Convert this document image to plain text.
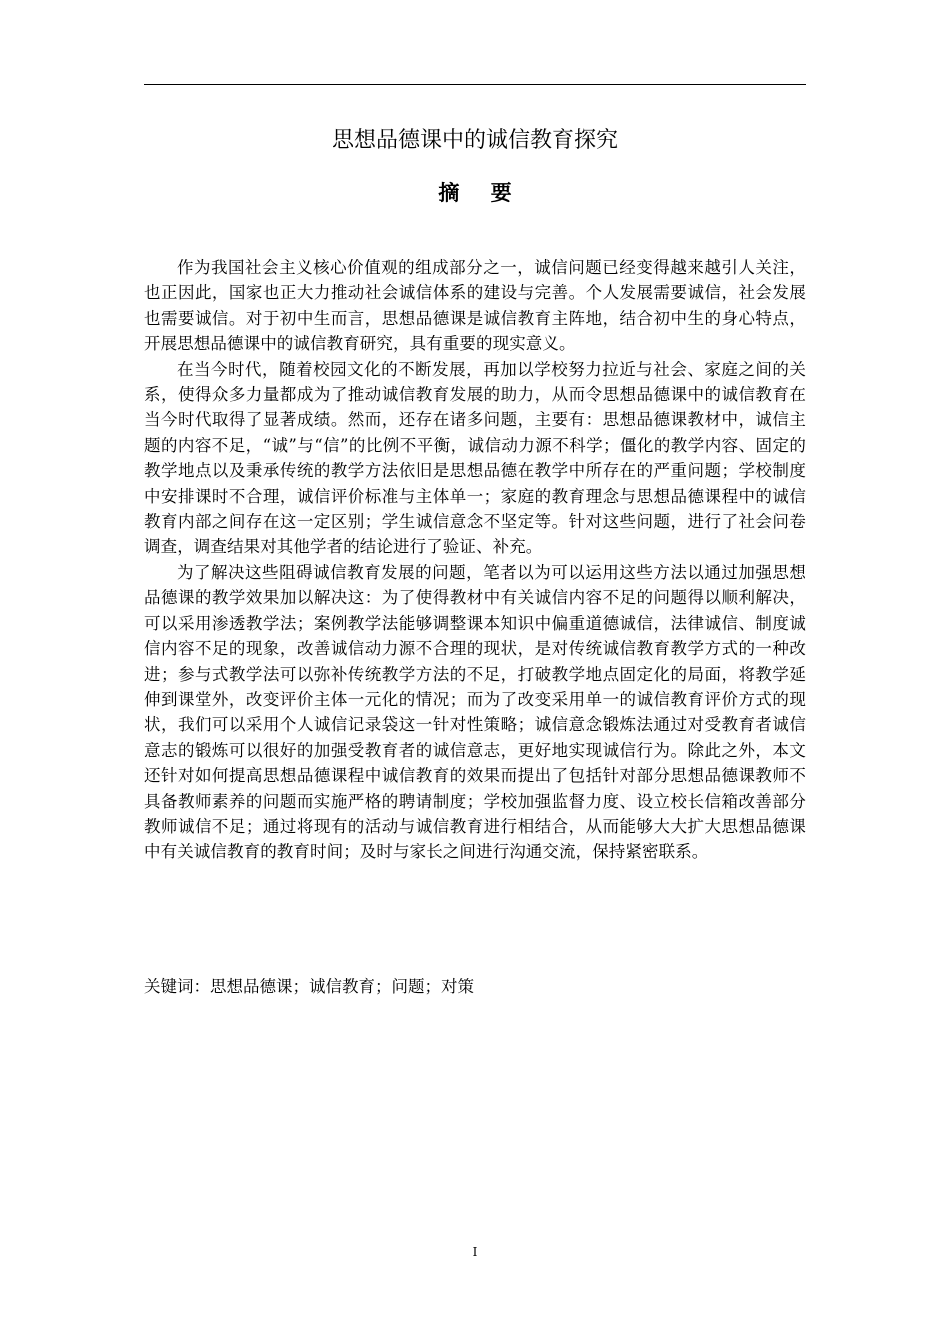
思想品德课中的诚信教育探究
摘 要

作为我国社会主义核心价值观的组成部分之一，诚信问题已经变得越来越引人关注，也正因此，国家也正大力推动社会诚信体系的建设与完善。个人发展需要诚信，社会发展也需要诚信。对于初中生而言，思想品德课是诚信教育主阵地，结合初中生的身心特点，开展思想品德课中的诚信教育研究，具有重要的现实意义。

在当今时代，随着校园文化的不断发展，再加以学校努力拉近与社会、家庭之间的关系，使得众多力量都成为了推动诚信教育发展的助力，从而令思想品德课中的诚信教育在当今时代取得了显著成绩。然而，还存在诸多问题，主要有：思想品德课教材中，诚信主题的内容不足，“诚”与“信”的比例不平衡，诚信动力源不科学；僵化的教学内容、固定的教学地点以及秉承传统的教学方法依旧是思想品德在教学中所存在的严重问题；学校制度中安排课时不合理，诚信评价标准与主体单一；家庭的教育理念与思想品德课程中的诚信教育内部之间存在这一定区别；学生诚信意念不坚定等。针对这些问题，进行了社会问卷调查，调查结果对其他学者的结论进行了验证、补充。

为了解决这些阻碍诚信教育发展的问题，笔者以为可以运用这些方法以通过加强思想品德课的教学效果加以解决这：为了使得教材中有关诚信内容不足的问题得以顺利解决，可以采用渗透教学法；案例教学法能够调整课本知识中偏重道德诚信，法律诚信、制度诚信内容不足的现象，改善诚信动力源不合理的现状，是对传统诚信教育教学方式的一种改进；参与式教学法可以弥补传统教学方法的不足，打破教学地点固定化的局面，将教学延伸到课堂外，改变评价主体一元化的情况；而为了改变采用单一的诚信教育评价方式的现状，我们可以采用个人诚信记录袋这一针对性策略；诚信意念锻炼法通过对受教育者诚信意志的锻炼可以很好的加强受教育者的诚信意志，更好地实现诚信行为。除此之外，本文还针对如何提高思想品德课程中诚信教育的效果而提出了包括针对部分思想品德课教师不具备教师素养的问题而实施严格的聘请制度；学校加强监督力度、设立校长信箱改善部分教师诚信不足；通过将现有的活动与诚信教育进行相结合，从而能够大大扩大思想品德课中有关诚信教育的教育时间；及时与家长之间进行沟通交流，保持紧密联系。

关键词：思想品德课；诚信教育；问题；对策

I
